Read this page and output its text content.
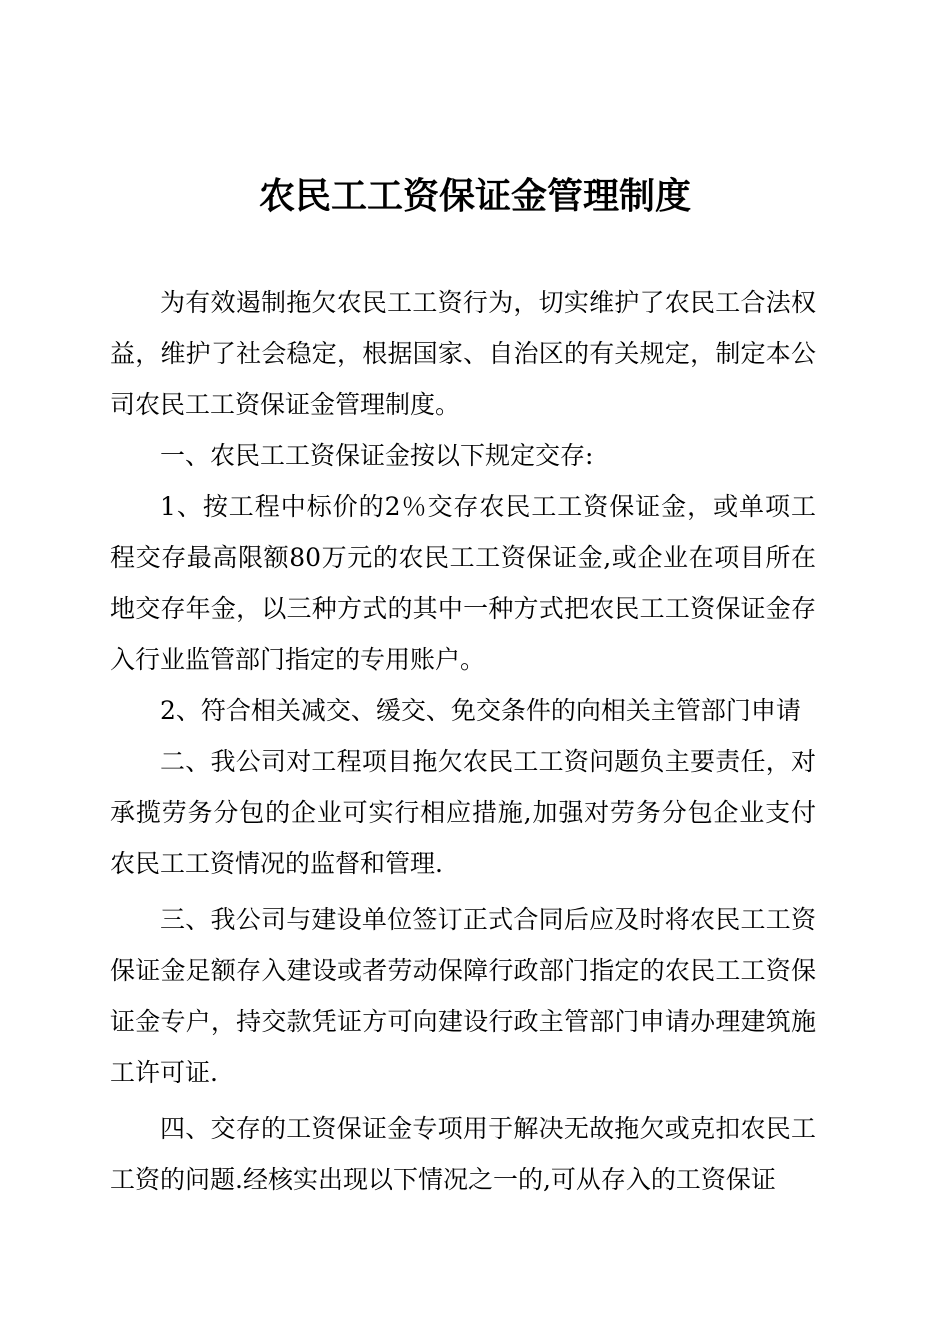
农民工工资保证金管理制度

为有效遏制拖欠农民工工资行为，切实维护了农民工合法权益，维护了社会稳定，根据国家、自治区的有关规定，制定本公司农民工工资保证金管理制度。

一、农民工工资保证金按以下规定交存:

1、按工程中标价的2％交存农民工工资保证金，或单项工程交存最高限额80万元的农民工工资保证金,或企业在项目所在地交存年金，以三种方式的其中一种方式把农民工工资保证金存入行业监管部门指定的专用账户。

2、符合相关减交、缓交、免交条件的向相关主管部门申请

二、我公司对工程项目拖欠农民工工资问题负主要责任，对承揽劳务分包的企业可实行相应措施,加强对劳务分包企业支付农民工工资情况的监督和管理.

三、我公司与建设单位签订正式合同后应及时将农民工工资保证金足额存入建设或者劳动保障行政部门指定的农民工工资保证金专户，持交款凭证方可向建设行政主管部门申请办理建筑施工许可证.

四、交存的工资保证金专项用于解决无故拖欠或克扣农民工工资的问题.经核实出现以下情况之一的,可从存入的工资保证
